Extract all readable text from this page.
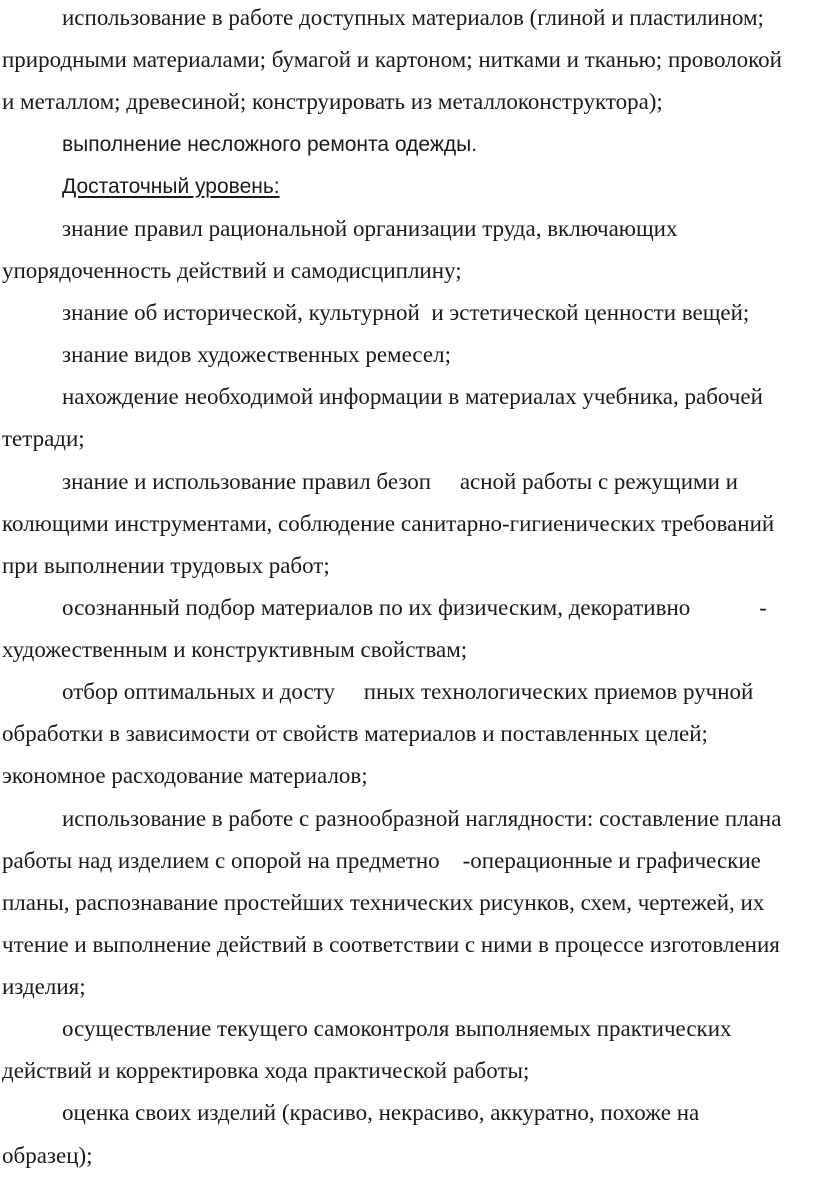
использование в работе доступных материалов (глиной и пластилином;
природными материалами; бумагой и картоном; нитками и тканью; проволокой
и металлом; древесиной; конструировать из металлоконструктора);
выполнение несложного ремонта одежды.
Достаточный уровень:
знание правил рациональной организации труда, включающих
упорядоченность действий и самодисциплину;
знание об исторической, культурной  и эстетической ценности вещей;
знание видов художественных ремесел;
нахождение необходимой информации в материалах учебника, рабочей
тетради;
знание и использование правил безоп     асной работы с режущими и
колющими инструментами, соблюдение санитарно-гигиенических требований
при выполнении трудовых работ;
осознанный подбор материалов по их физическим, декоративно            -
художественным и конструктивным свойствам;
отбор оптимальных и досту     пных технологических приемов ручной
обработки в зависимости от свойств материалов и поставленных целей;
экономное расходование материалов;
использование в работе с разнообразной наглядности: составление плана
работы над изделием с опорой на предметно    -операционные и графические
планы, распознавание простейших технических рисунков, схем, чертежей, их
чтение и выполнение действий в соответствии с ними в процессе изготовления
изделия;
осуществление текущего самоконтроля выполняемых практических
действий и корректировка хода практической работы;
оценка своих изделий (красиво, некрасиво, аккуратно, похоже на
образец);
